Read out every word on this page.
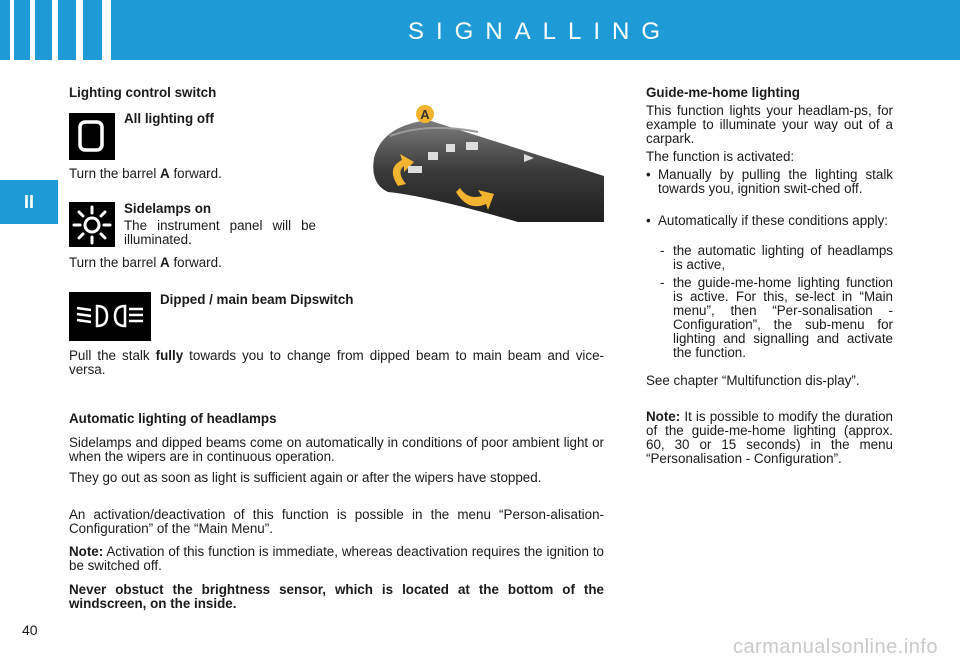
SIGNALLING
II
Lighting control switch
All lighting off
Turn the barrel A forward.
Sidelamps on
The instrument panel will be illuminated.
Turn the barrel A forward.
A
Dipped / main beam Dipswitch
Pull the stalk fully towards you to change from dipped beam to main beam and vice-versa.
Automatic lighting of headlamps
Sidelamps and dipped beams come on automatically in conditions of poor ambient light or when the wipers are in continuous operation.
They go out as soon as light is sufficient again or after the wipers have stopped.
An activation/deactivation of this function is possible in the menu “Person-alisation-Configuration” of the “Main Menu”.
Note: Activation of this function is immediate, whereas deactivation requires the ignition to be switched off.
Never obstuct the brightness sensor, which is located at the bottom of the windscreen, on the inside.
Guide-me-home lighting
This function lights your headlam-ps, for example to illuminate your way out of a carpark.
The function is activated:
• Manually by pulling the lighting stalk towards you, ignition swit-ched off.
• Automatically if these conditions apply:
- the automatic lighting of headlamps is active,
- the guide-me-home lighting function is active. For this, se-lect in “Main menu”, then “Per-sonalisation - Configuration”, the sub-menu for lighting and signalling and activate the function.
See chapter “Multifunction dis-play”.
Note: It is possible to modify the duration of the guide-me-home lighting (approx. 60, 30 or 15 seconds) in the menu “Personalisation - Configuration”.
40
carmanualsonline.info
